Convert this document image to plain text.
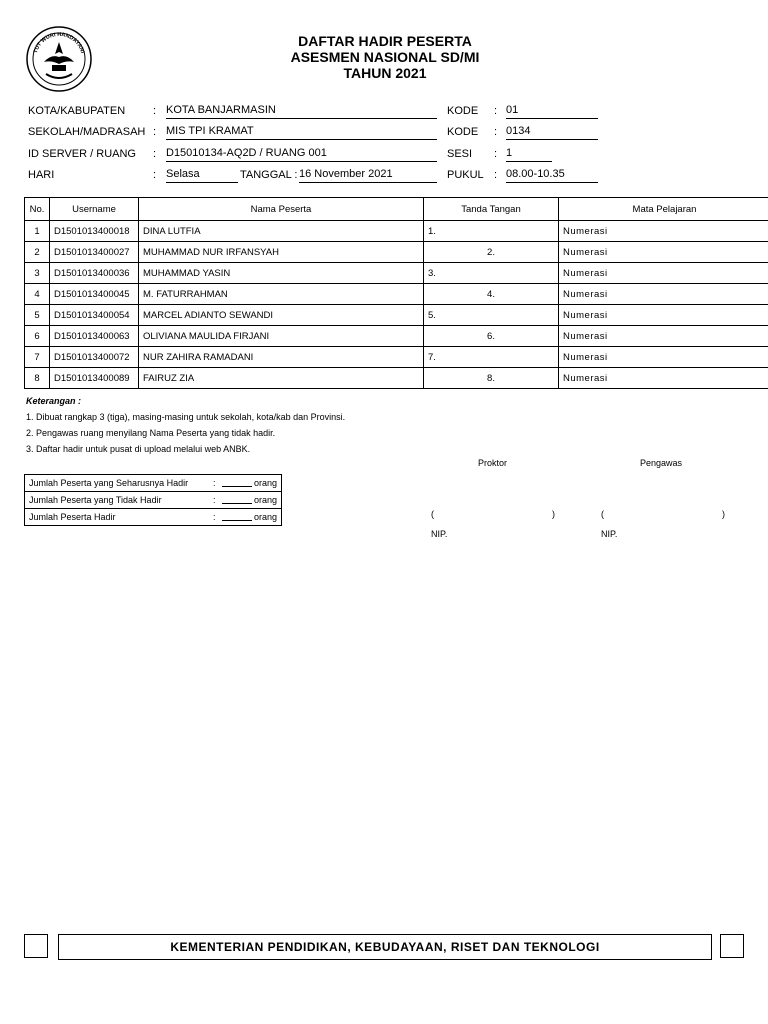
TUT WURI HANDAYANI
DAFTAR HADIR PESERTA
ASESMEN NASIONAL SD/MI
TAHUN 2021
KOTA/KABUPATEN	: KOTA BANJARMASIN
SEKOLAH/MADRASAH : MIS TPI KRAMAT
ID SERVER / RUANG : D15010134-AQ2D / RUANG 001
HARI	: Selasa	TANGGAL : 16 November 2021
KODE : 01
KODE : 0134
SESI : 1
PUKUL : 08.00-10.35
No.	Username	Nama Peserta	Tanda Tangan	Mata Pelajaran
1	D1501013400018	DINA LUTFIA	1.	Numerasi
2	D1501013400027	MUHAMMAD NUR IRFANSYAH	2.	Numerasi
3	D1501013400036	MUHAMMAD YASIN	3.	Numerasi
4	D1501013400045	M. FATURRAHMAN	4.	Numerasi
5	D1501013400054	MARCEL ADIANTO SEWANDI	5.	Numerasi
6	D1501013400063	OLIVIANA MAULIDA FIRJANI	6.	Numerasi
7	D1501013400072	NUR ZAHIRA RAMADANI	7.	Numerasi
8	D1501013400089	FAIRUZ ZIA	8.	Numerasi
Keterangan :
1. Dibuat rangkap 3 (tiga), masing-masing untuk sekolah, kota/kab dan Provinsi.
2. Pengawas ruang menyilang Nama Peserta yang tidak hadir.
3. Daftar hadir untuk pusat di upload melalui web ANBK.
Jumlah Peserta yang Seharusnya Hadir	:	orang
Jumlah Peserta yang Tidak Hadir	:	orang
Jumlah Peserta Hadir	:	orang
Proktor	Pengawas
(	)	(	)
NIP.	NIP.
KEMENTERIAN PENDIDIKAN, KEBUDAYAAN, RISET DAN TEKNOLOGI
